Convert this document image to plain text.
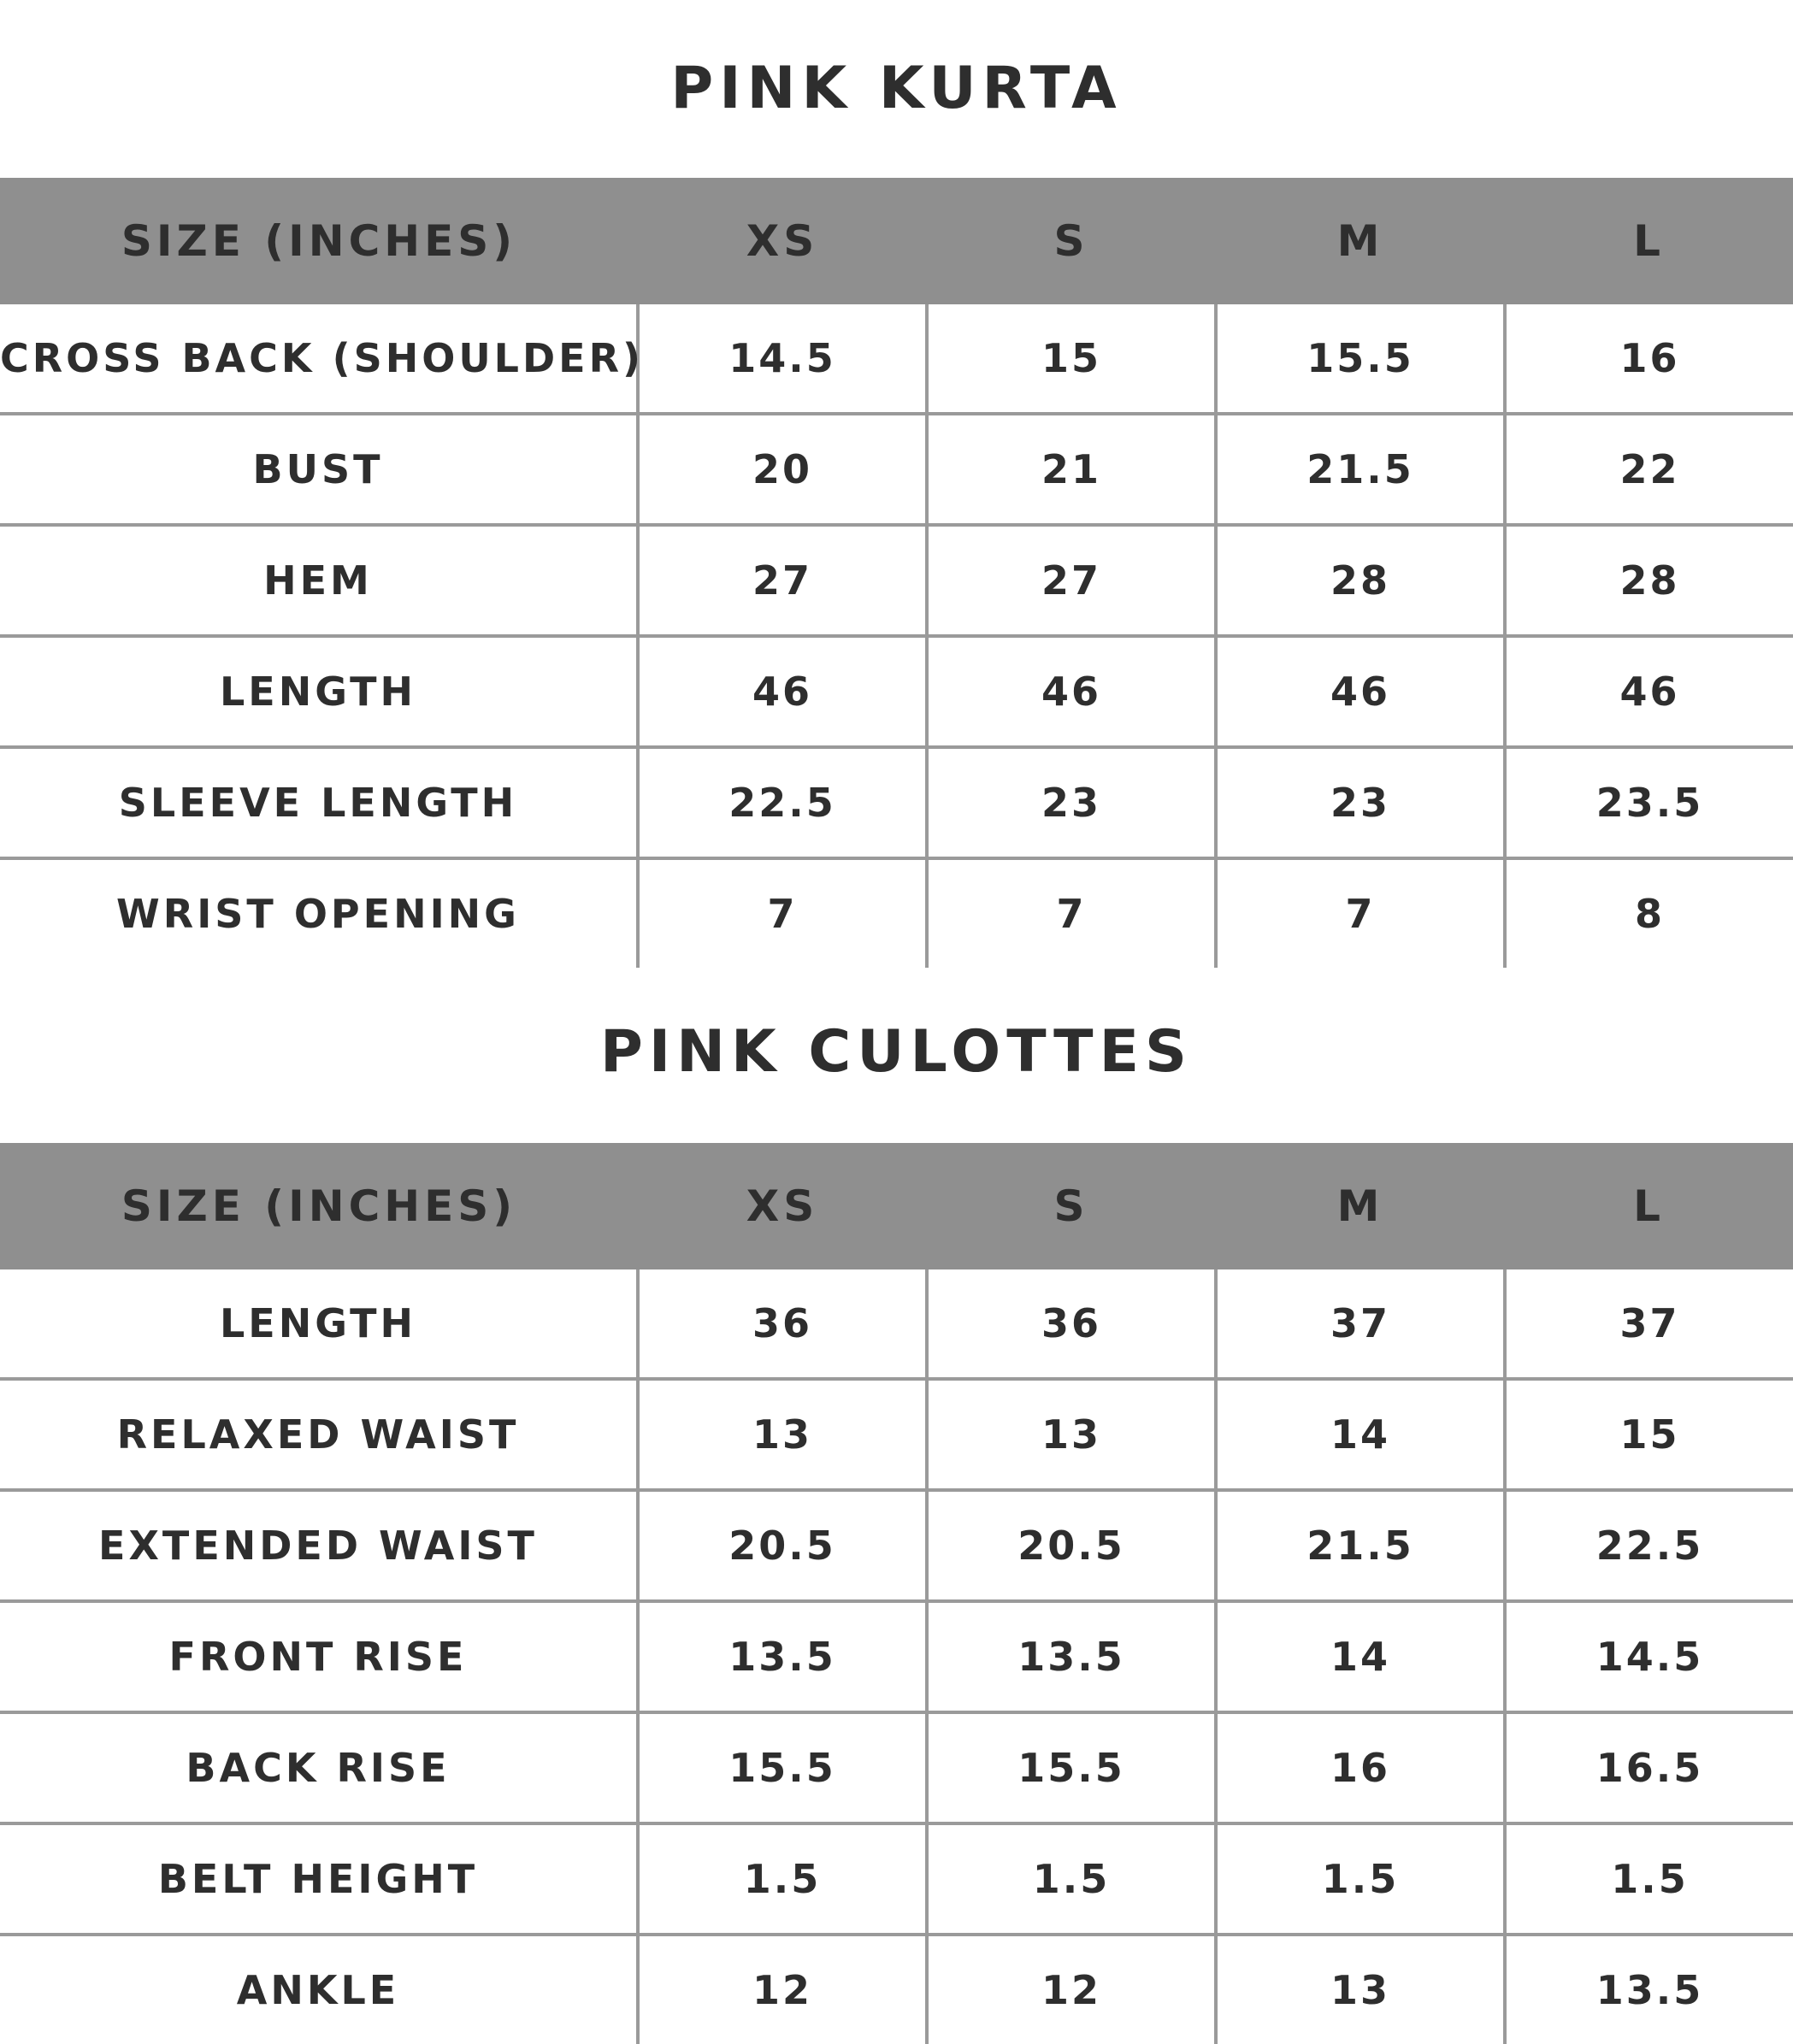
PINK KURTA
SIZE (INCHES)	XS	S	M	L
CROSS BACK (SHOULDER)	14.5	15	15.5	16
BUST	20	21	21.5	22
HEM	27	27	28	28
LENGTH	46	46	46	46
SLEEVE LENGTH	22.5	23	23	23.5
WRIST OPENING	7	7	7	8
PINK CULOTTES
SIZE (INCHES)	XS	S	M	L
LENGTH	36	36	37	37
RELAXED WAIST	13	13	14	15
EXTENDED WAIST	20.5	20.5	21.5	22.5
FRONT RISE	13.5	13.5	14	14.5
BACK RISE	15.5	15.5	16	16.5
BELT HEIGHT	1.5	1.5	1.5	1.5
ANKLE	12	12	13	13.5
